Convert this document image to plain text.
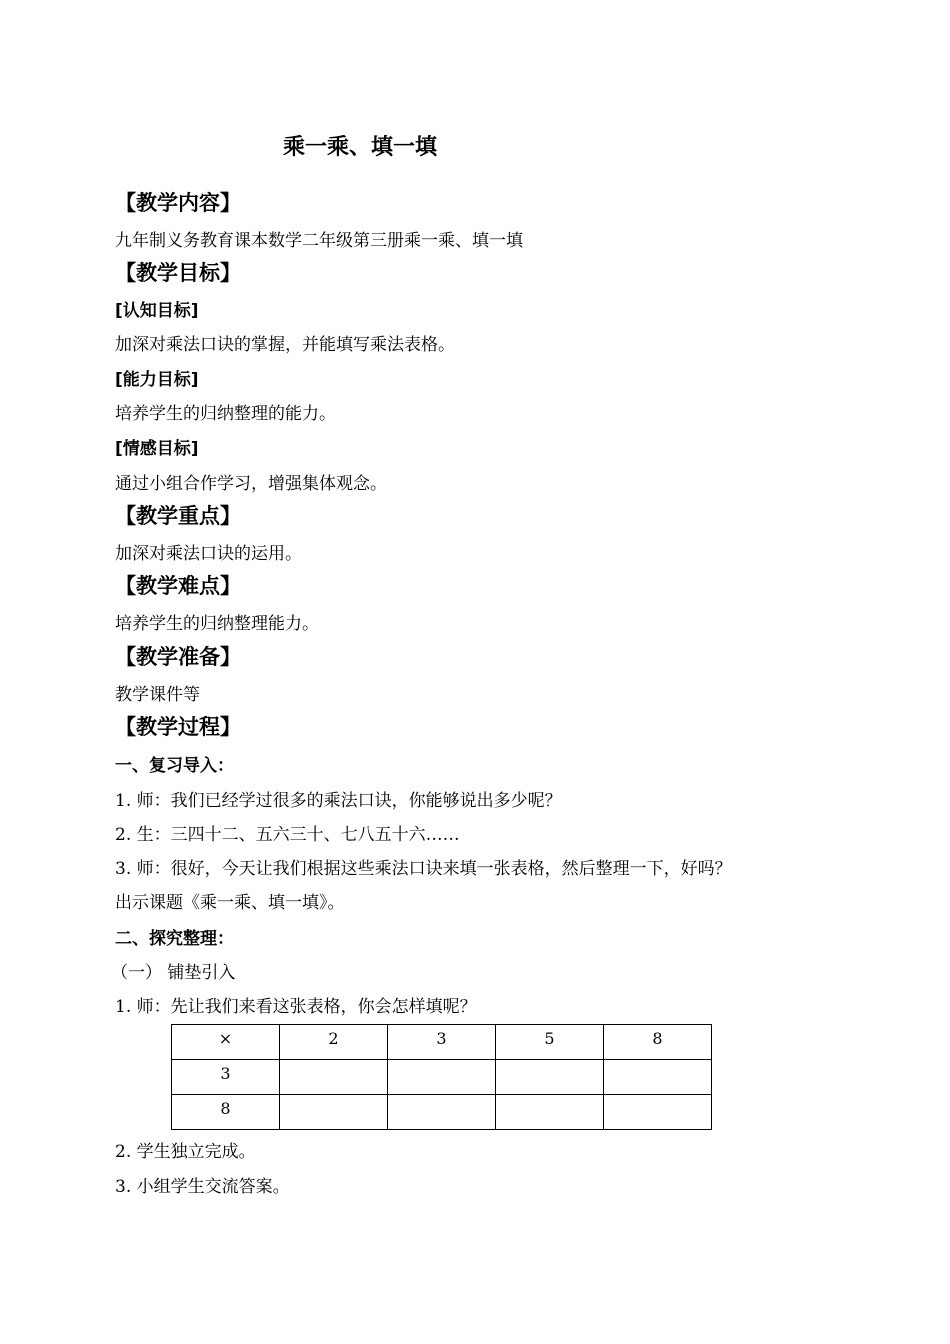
乘一乘、填一填
【教学内容】
九年制义务教育课本数学二年级第三册乘一乘、填一填
【教学目标】
[认知目标]
加深对乘法口诀的掌握，并能填写乘法表格。
[能力目标]
培养学生的归纳整理的能力。
[情感目标]
通过小组合作学习，增强集体观念。
【教学重点】
加深对乘法口诀的运用。
【教学难点】
培养学生的归纳整理能力。
【教学准备】
教学课件等
【教学过程】
一、复习导入：
1. 师：我们已经学过很多的乘法口诀，你能够说出多少呢？
2. 生：三四十二、五六三十、七八五十六……
3. 师：很好，今天让我们根据这些乘法口诀来填一张表格，然后整理一下，好吗？
出示课题《乘一乘、填一填》。
二、探究整理：
（一） 铺垫引入
1. 师：先让我们来看这张表格，你会怎样填呢？
×	2	3	5	8
3				
8				
2. 学生独立完成。
3. 小组学生交流答案。
